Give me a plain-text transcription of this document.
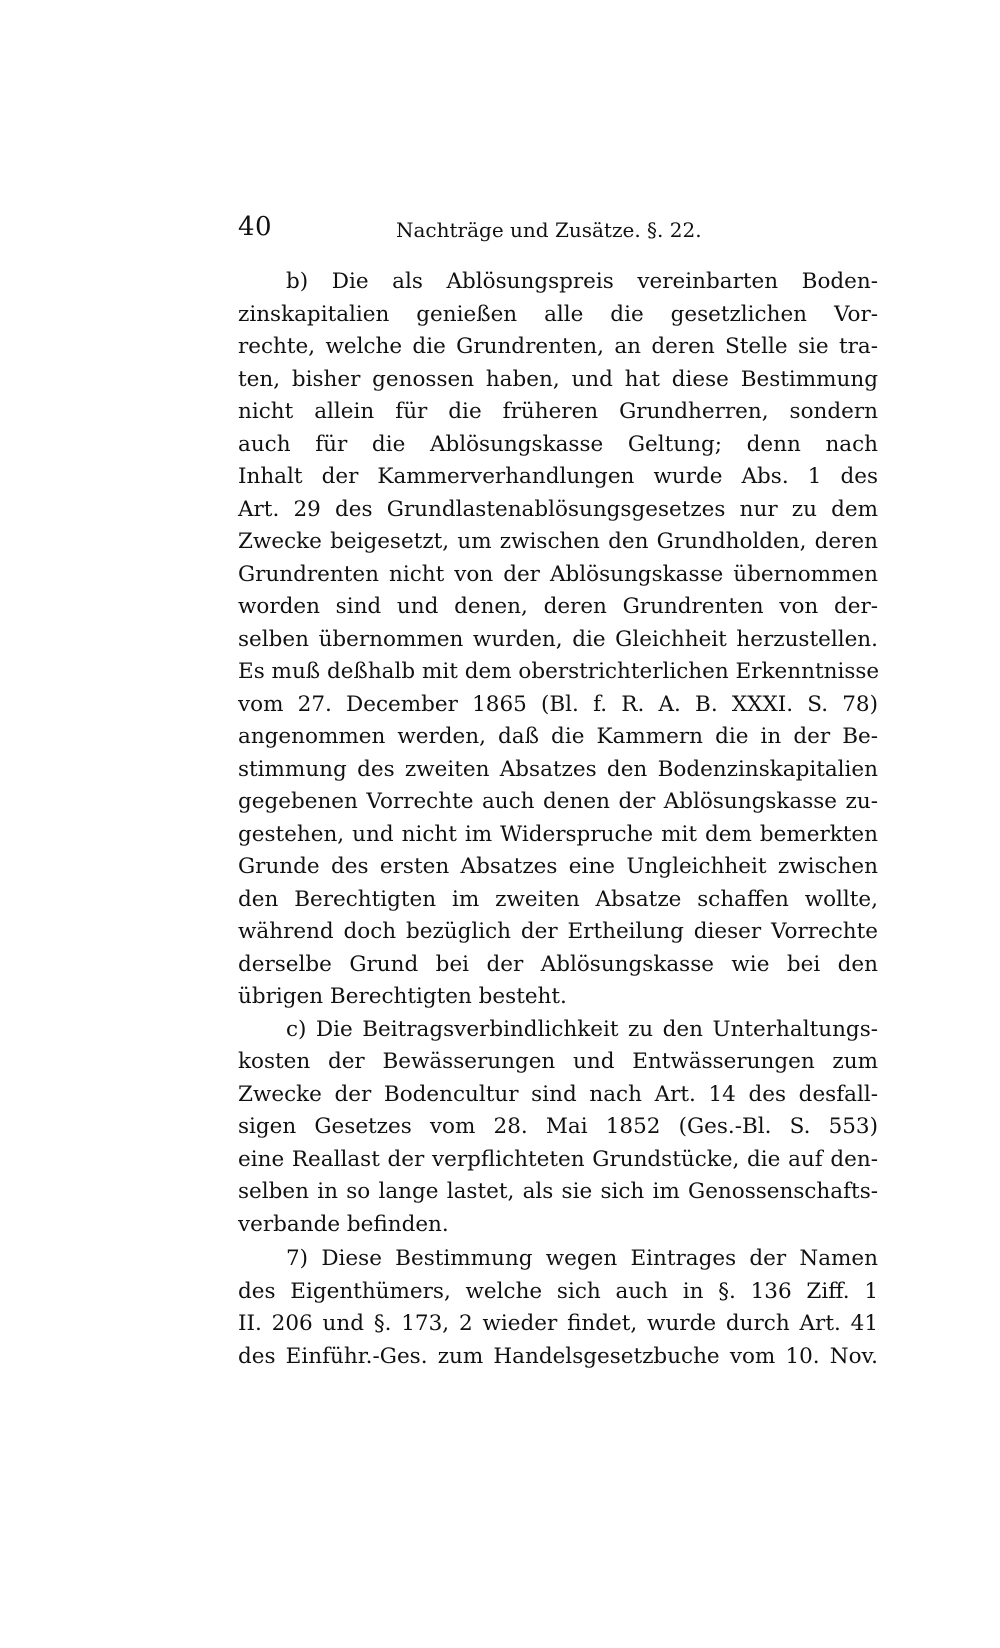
40	Nachträge und Zusätze. §. 22.
b) Die als Ablösungspreis vereinbarten Boden-
zinskapitalien genießen alle die gesetzlichen Vor-
rechte, welche die Grundrenten, an deren Stelle sie tra-
ten, bisher genossen haben, und hat diese Bestimmung
nicht allein für die früheren Grundherren, sondern
auch für die Ablösungskasse Geltung; denn nach
Inhalt der Kammerverhandlungen wurde Abs. 1 des
Art. 29 des Grundlastenablösungsgesetzes nur zu dem
Zwecke beigesetzt, um zwischen den Grundholden, deren
Grundrenten nicht von der Ablösungskasse übernommen
worden sind und denen, deren Grundrenten von der-
selben übernommen wurden, die Gleichheit herzustellen.
Es muß deßhalb mit dem oberstrichterlichen Erkenntnisse
vom 27. December 1865 (Bl. f. R. A. B. XXXI. S. 78)
angenommen werden, daß die Kammern die in der Be-
stimmung des zweiten Absatzes den Bodenzinskapitalien
gegebenen Vorrechte auch denen der Ablösungskasse zu-
gestehen, und nicht im Widerspruche mit dem bemerkten
Grunde des ersten Absatzes eine Ungleichheit zwischen
den Berechtigten im zweiten Absatze schaffen wollte,
während doch bezüglich der Ertheilung dieser Vorrechte
derselbe Grund bei der Ablösungskasse wie bei den
übrigen Berechtigten besteht.
c) Die Beitragsverbindlichkeit zu den Unterhaltungs-
kosten der Bewässerungen und Entwässerungen zum
Zwecke der Bodencultur sind nach Art. 14 des desfall-
sigen Gesetzes vom 28. Mai 1852 (Ges.-Bl. S. 553)
eine Reallast der verpflichteten Grundstücke, die auf den-
selben in so lange lastet, als sie sich im Genossenschafts-
verbande befinden.
7) Diese Bestimmung wegen Eintrages der Namen
des Eigenthümers, welche sich auch in §. 136 Ziff. 1
II. 206 und §. 173, 2 wieder findet, wurde durch Art. 41
des Einführ.-Ges. zum Handelsgesetzbuche vom 10. Nov.
